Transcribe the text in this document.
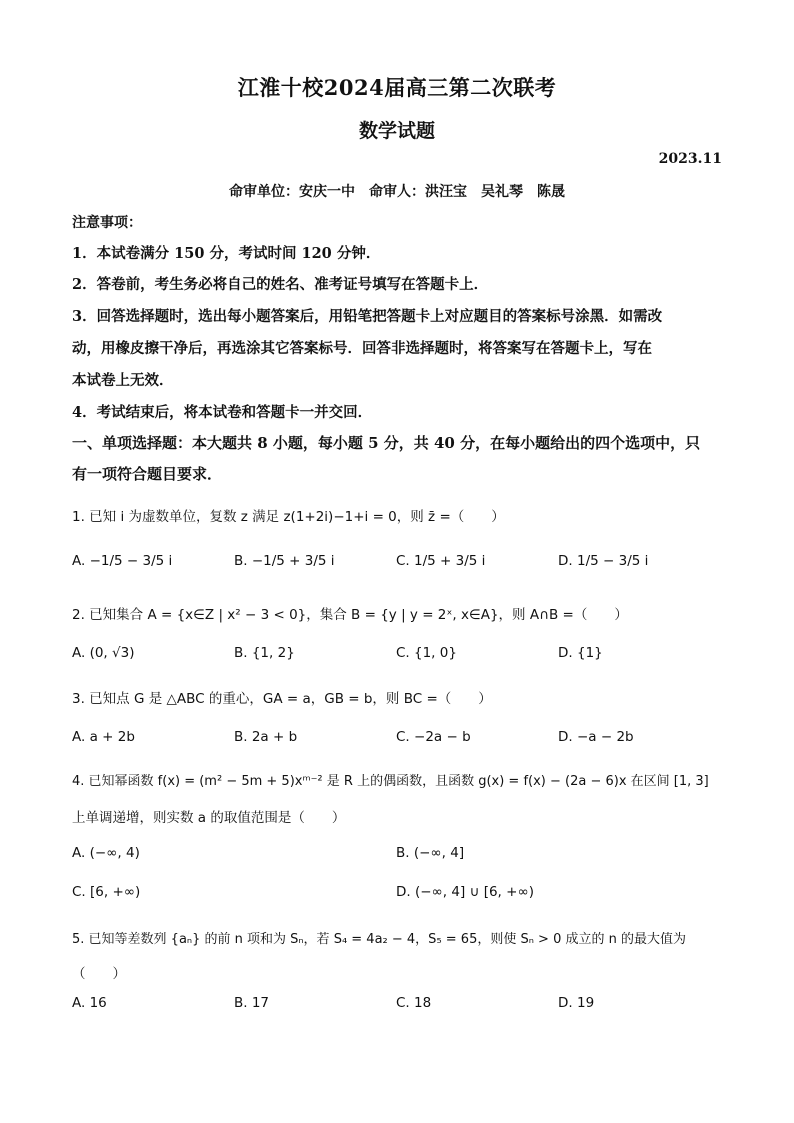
江淮十校2024届高三第二次联考
数学试题
2023.11
命审单位：安庆一中　命审人：洪汪宝　吴礼琴　陈晟
注意事项：
1．本试卷满分 150 分，考试时间 120 分钟．
2．答卷前，考生务必将自己的姓名、准考证号填写在答题卡上．
3．回答选择题时，选出每小题答案后，用铅笔把答题卡上对应题目的答案标号涂黑．如需改
动，用橡皮擦干净后，再选涂其它答案标号．回答非选择题时，将答案写在答题卡上，写在
本试卷上无效．
4．考试结束后，将本试卷和答题卡一并交回．
一、单项选择题：本大题共 8 小题，每小题 5 分，共 40 分，在每小题给出的四个选项中，只
有一项符合题目要求．
1. 已知 i 为虚数单位，复数 z 满足 z(1+2i)−1+i = 0，则 z̄ =（　　）
A. −1/5 − 3/5 i	B. −1/5 + 3/5 i	C. 1/5 + 3/5 i	D. 1/5 − 3/5 i
2. 已知集合 A = {x∈Z | x² − 3 < 0}，集合 B = {y | y = 2ˣ, x∈A}，则 A∩B =（　　）
A. (0, √3)	B. {1, 2}	C. {1, 0}	D. {1}
3. 已知点 G 是 △ABC 的重心，GA = a，GB = b，则 BC =（　　）
A. a + 2b	B. 2a + b	C. −2a − b	D. −a − 2b
4. 已知幂函数 f(x) = (m² − 5m + 5)xᵐ⁻² 是 R 上的偶函数，且函数 g(x) = f(x) − (2a − 6)x 在区间 [1, 3]
上单调递增，则实数 a 的取值范围是（　　）
A. (−∞, 4)	B. (−∞, 4]
C. [6, +∞)	D. (−∞, 4] ∪ [6, +∞)
5. 已知等差数列 {aₙ} 的前 n 项和为 Sₙ，若 S₄ = 4a₂ − 4，S₅ = 65，则使 Sₙ > 0 成立的 n 的最大值为
（　　）
A. 16	B. 17	C. 18	D. 19
